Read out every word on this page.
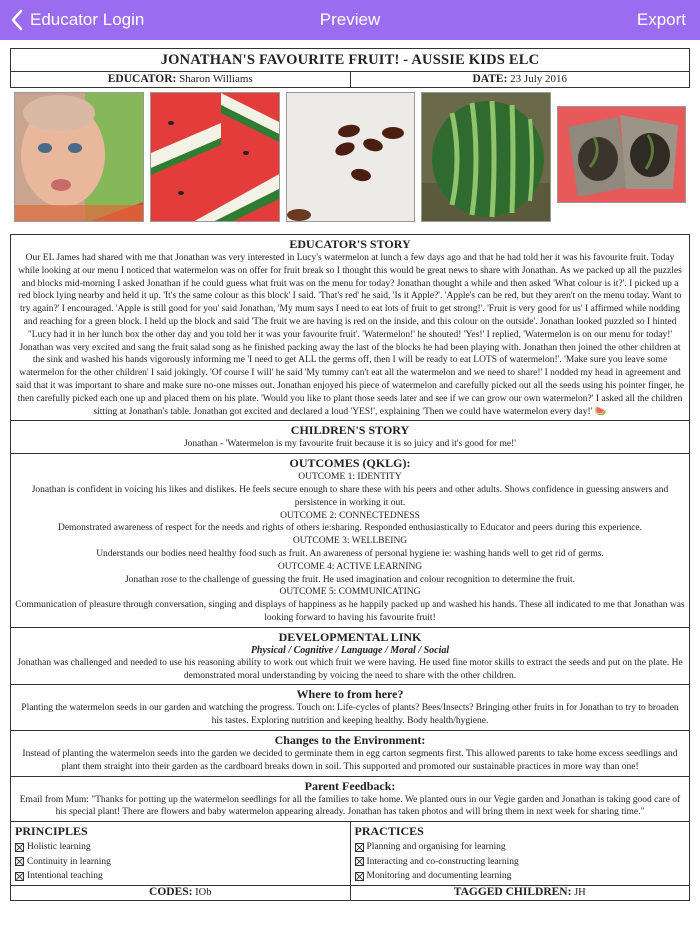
Educator Login	Preview	Export
JONATHAN'S FAVOURITE FRUIT! - AUSSIE KIDS ELC
EDUCATOR: Sharon Williams	DATE: 23 July 2016
EDUCATOR'S STORY
Our EL James had shared with me that Jonathan was very interested in Lucy's watermelon at lunch a few days ago and that he had told her it was his favourite fruit. Today while looking at our menu I noticed that watermelon was on offer for fruit break so I thought this would be great news to share with Jonathan. As we packed up all the puzzles and blocks mid-morning I asked Jonathan if he could guess what fruit was on the menu for today? Jonathan thought a while and then asked 'What colour is it?'. I picked up a red block lying nearby and held it up. 'It's the same colour as this block' I said. 'That's red' he said, 'Is it Apple?'. 'Apple's can be red, but they aren't on the menu today. Want to try again?' I encouraged. 'Apple is still good for you' said Jonathan, 'My mum says I need to eat lots of fruit to get strong!'. 'Fruit is very good for us' I affirmed while nodding and reaching for a green block. I held up the block and said 'The fruit we are having is red on the inside, and this colour on the outside'. Jonathan looked puzzled so I hinted "Lucy had it in her lunch box the other day and you told her it was your favourite fruit'. 'Watermelon!' he shouted! 'Yes!' I replied, 'Watermelon is on our menu for today!' Jonathan was very excited and sang the fruit salad song as he finished packing away the last of the blocks he had been playing with. Jonathan then joined the other children at the sink and washed his hands vigorously informing me 'I need to get ALL the germs off, then I will be ready to eat LOTS of watermelon!'. 'Make sure you leave some watermelon for the other children' I said jokingly. 'Of course I will' he said 'My tummy can't eat all the watermelon and we need to share!' I nodded my head in agreement and said that it was important to share and make sure no-one misses out. Jonathan enjoyed his piece of watermelon and carefully picked out all the seeds using his pointer finger, he then carefully picked each one up and placed them on his plate. 'Would you like to plant those seeds later and see if we can grow our own watermelon?' I asked all the children sitting at Jonathan's table. Jonathan got excited and declared a loud 'YES!', explaining 'Then we could have watermelon every day!' 🍉
CHILDREN'S STORY
Jonathan - 'Watermelon is my favourite fruit because it is so juicy and it's good for me!'
OUTCOMES (QKLG):
OUTCOME 1: IDENTITY
Jonathan is confident in voicing his likes and dislikes. He feels secure enough to share these with his peers and other adults. Shows confidence in guessing answers and persistence in working it out.
OUTCOME 2: CONNECTEDNESS
Demonstrated awareness of respect for the needs and rights of others ie:sharing. Responded enthusiastically to Educator and peers during this experience.
OUTCOME 3: WELLBEING
Understands our bodies need healthy food such as fruit. An awareness of personal hygiene ie: washing hands well to get rid of germs.
OUTCOME 4: ACTIVE LEARNING
Jonathan rose to the challenge of guessing the fruit. He used imagination and colour recognition to determine the fruit.
OUTCOME 5: COMMUNICATING
Communication of pleasure through conversation, singing and displays of happiness as he happily packed up and washed his hands. These all indicated to me that Jonathan was looking forward to having his favourite fruit!
DEVELOPMENTAL LINK
Physical / Cognitive / Language / Moral / Social
Jonathan was challenged and needed to use his reasoning ability to work out which fruit we were having. He used fine motor skills to extract the seeds and put on the plate. He demonstrated moral understanding by voicing the need to share with the other children.
Where to from here?
Planting the watermelon seeds in our garden and watching the progress. Touch on: Life-cycles of plants? Bees/Insects? Bringing other fruits in for Jonathan to try to broaden his tastes. Exploring nutrition and keeping healthy. Body health/hygiene.
Changes to the Environment:
Instead of planting the watermelon seeds into the garden we decided to germinate them in egg carton segments first. This allowed parents to take home excess seedlings and plant them straight into their garden as the cardboard breaks down in soil. This supported and promoted our sustainable practices in more way than one!
Parent Feedback:
Email from Mum: "Thanks for potting up the watermelon seedlings for all the families to take home. We planted ours in our Vegie garden and Jonathan is taking good care of his special plant! There are flowers and baby watermelon appearing already. Jonathan has taken photos and will bring them in next week for sharing time."
PRINCIPLES
Holistic learning
Continuity in learning
Intentional teaching
PRACTICES
Planning and organising for learning
Interacting and co-constructing learning
Monitoring and documenting learning
CODES: IOb	TAGGED CHILDREN: JH
